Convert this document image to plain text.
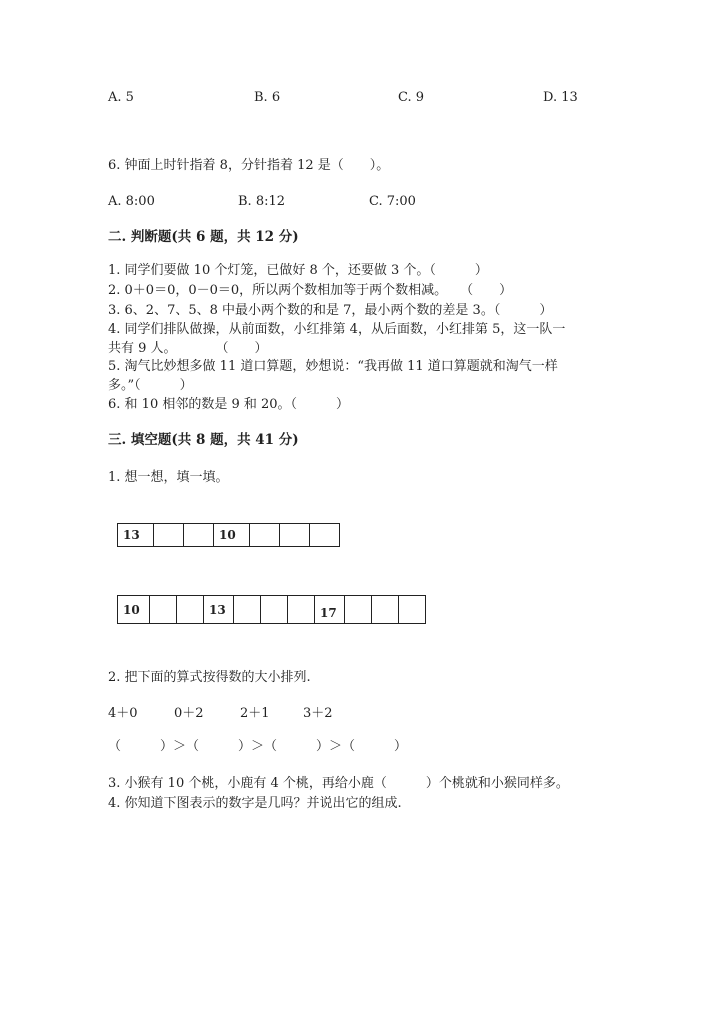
A. 5	B. 6	C. 9	D. 13
6. 钟面上时针指着 8，分针指着 12 是（　　）。
A. 8:00	B. 8:12	C. 7:00
二. 判断题(共 6 题，共 12 分)
1. 同学们要做 10 个灯笼，已做好 8 个，还要做 3 个。（　　　）
2. 0＋0＝0，0－0＝0，所以两个数相加等于两个数相减。　　（　　）
3. 6、2、7、5、8 中最小两个数的和是 7，最小两个数的差是 3。（　　　）
4. 同学们排队做操，从前面数，小红排第 4，从后面数，小红排第 5，这一队一
共有 9 人。　　　　（　　）
5. 淘气比妙想多做 11 道口算题，妙想说：“我再做 11 道口算题就和淘气一样
多。”（　　　）
6. 和 10 相邻的数是 9 和 20。（　　　）
三. 填空题(共 8 题，共 41 分)
1. 想一想，填一填。
13			10			
10			13				17			
2. 把下面的算式按得数的大小排列.
4＋0	0＋2	2＋1	3＋2
（　　　）＞（　　　）＞（　　　）＞（　　　）
3. 小猴有 10 个桃，小鹿有 4 个桃，再给小鹿（　　　）个桃就和小猴同样多。
4. 你知道下图表示的数字是几吗？并说出它的组成.
